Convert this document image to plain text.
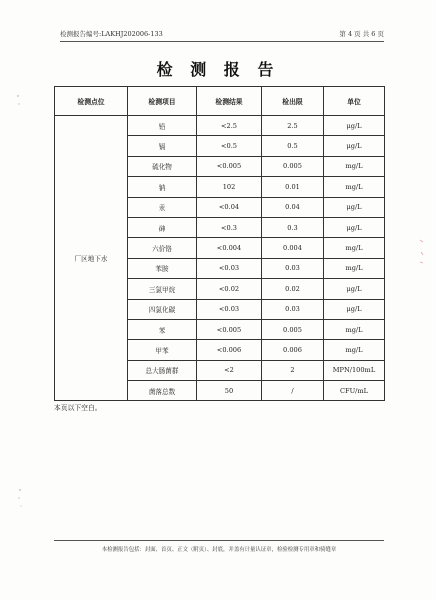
检测报告编号:LAKHJ202006-133	第 4 页 共 6 页
检 测 报 告
检测点位	检测项目	检测结果	检出限	单位
厂区地下水	铅	<2.5	2.5	μg/L
	镉	<0.5	0.5	μg/L
	硫化物	<0.005	0.005	mg/L
	钠	102	0.01	mg/L
	汞	<0.04	0.04	μg/L
	砷	<0.3	0.3	μg/L
	六价铬	<0.004	0.004	mg/L
	苯胺	<0.03	0.03	mg/L
	三氯甲烷	<0.02	0.02	μg/L
	四氯化碳	<0.03	0.03	μg/L
	苯	<0.005	0.005	mg/L
	甲苯	<0.006	0.006	mg/L
	总大肠菌群	<2	2	MPN/100mL
	菌落总数	50	/	CFU/mL
本页以下空白。
本检测报告包括：封面、首页、正文（附页）、封底，并盖有计量认证章，检验检测专用章和骑缝章
